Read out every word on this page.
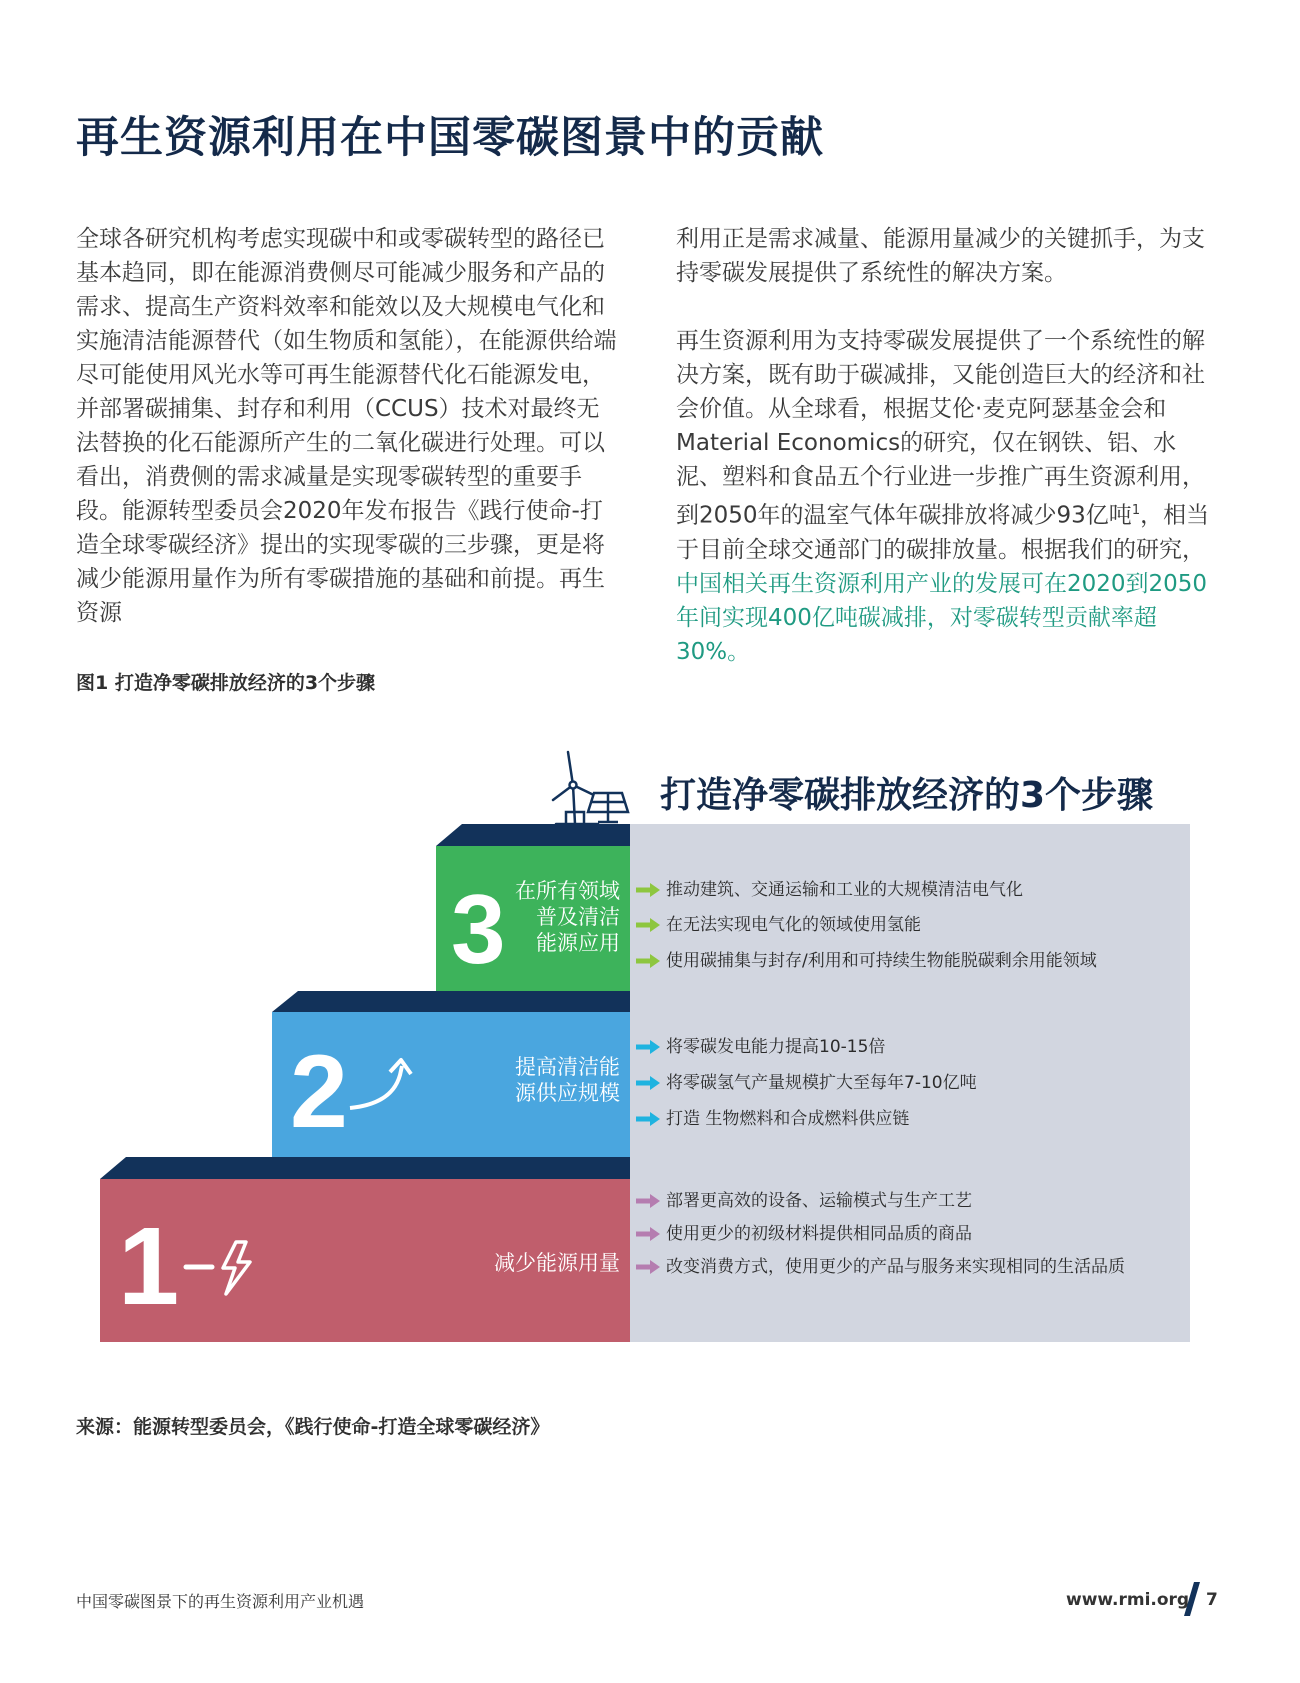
再生资源利用在中国零碳图景中的贡献

全球各研究机构考虑实现碳中和或零碳转型的路径已基本趋同，即在能源消费侧尽可能减少服务和产品的需求、提高生产资料效率和能效以及大规模电气化和实施清洁能源替代（如生物质和氢能），在能源供给端尽可能使用风光水等可再生能源替代化石能源发电，并部署碳捕集、封存和利用（CCUS）技术对最终无法替换的化石能源所产生的二氧化碳进行处理。可以看出，消费侧的需求减量是实现零碳转型的重要手段。能源转型委员会2020年发布报告《践行使命-打造全球零碳经济》提出的实现零碳的三步骤，更是将减少能源用量作为所有零碳措施的基础和前提。再生资源

利用正是需求减量、能源用量减少的关键抓手，为支持零碳发展提供了系统性的解决方案。

再生资源利用为支持零碳发展提供了一个系统性的解决方案，既有助于碳减排，又能创造巨大的经济和社会价值。从全球看，根据艾伦·麦克阿瑟基金会和Material Economics的研究，仅在钢铁、铝、水泥、塑料和食品五个行业进一步推广再生资源利用，到2050年的温室气体年碳排放将减少93亿吨$^1$，相当于目前全球交通部门的碳排放量。根据我们的研究，中国相关再生资源利用产业的发展可在2020到2050年间实现400亿吨碳减排，对零碳转型贡献率超30%。

图1 打造净零碳排放经济的3个步骤

打造净零碳排放经济的3个步骤
3 在所有领域
普及清洁
能源应用
2	提高清洁能
源供应规模
1	减少能源用量
推动建筑、交通运输和工业的大规模清洁电气化
在无法实现电气化的领域使用氢能
使用碳捕集与封存/利用和可持续生物能脱碳剩余用能领域
将零碳发电能力提高10-15倍
将零碳氢气产量规模扩大至每年7-10亿吨
打造 生物燃料和合成燃料供应链
部署更高效的设备、运输模式与生产工艺
使用更少的初级材料提供相同品质的商品
改变消费方式，使用更少的产品与服务来实现相同的生活品质

来源：能源转型委员会，《践行使命-打造全球零碳经济》

中国零碳图景下的再生资源利用产业机遇	www.rmi.org 7
